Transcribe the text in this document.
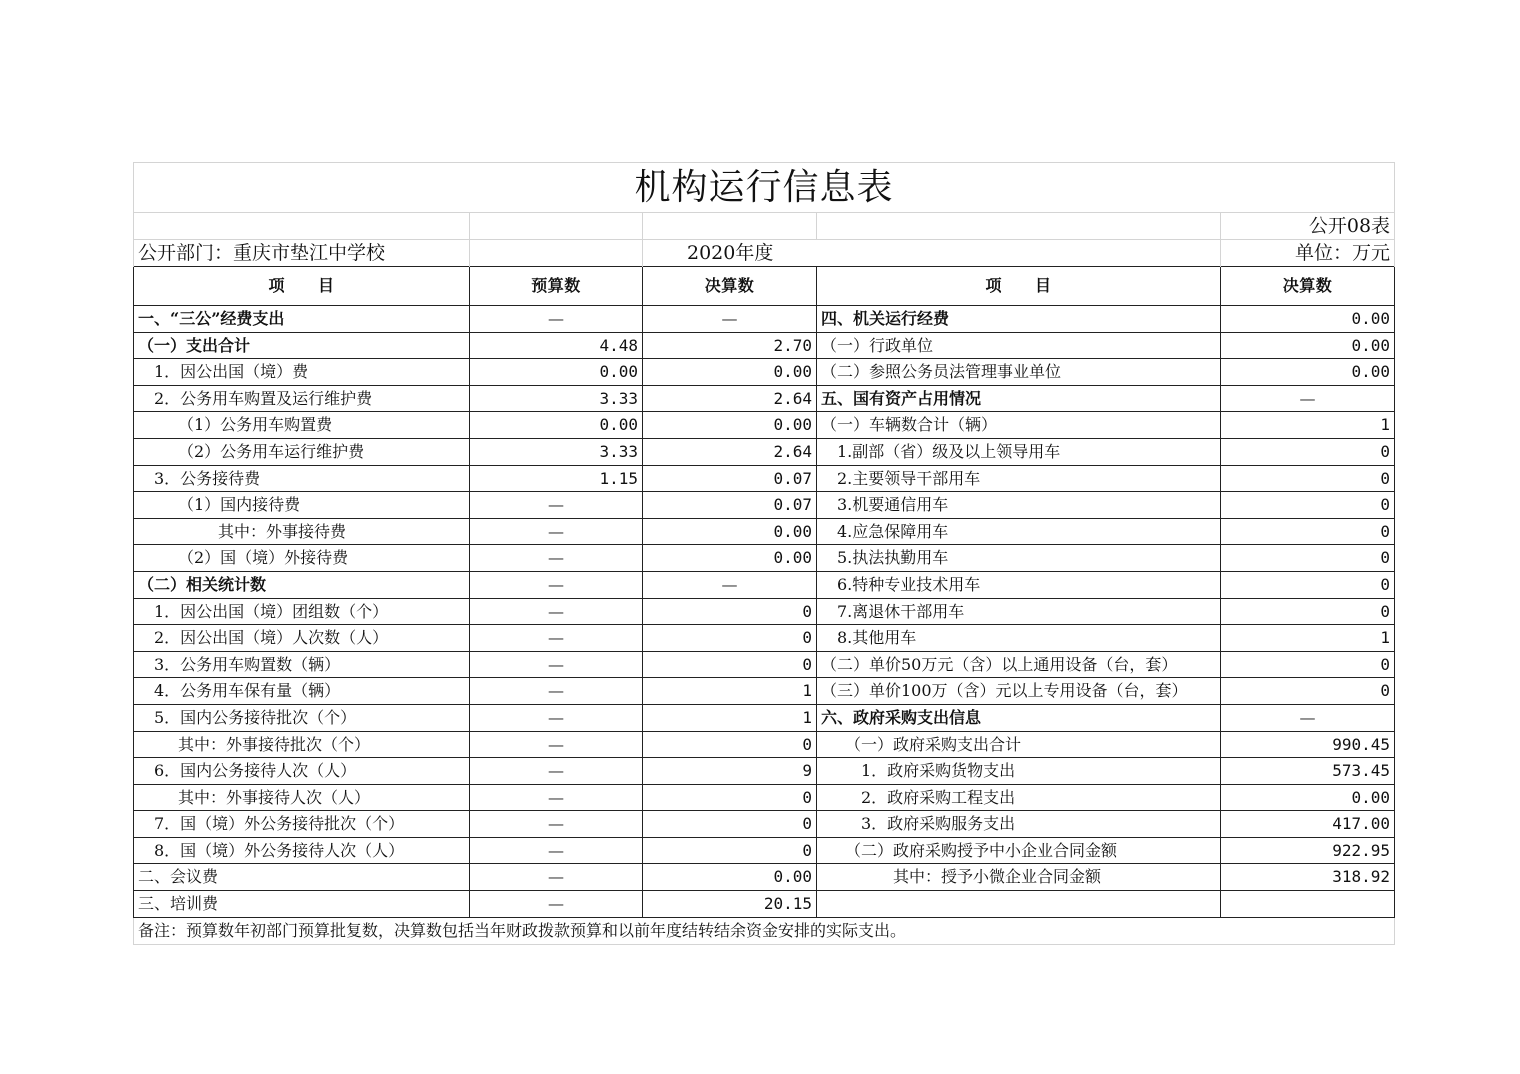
机构运行信息表				
				公开08表
公开部门：重庆市垫江中学校		2020年度		单位：万元
项　　目	预算数	决算数	项　　目	决算数
一、“三公”经费支出	—	—	四、机关运行经费	0.00
（一）支出合计	4.48	2.70	（一）行政单位	0.00
1．因公出国（境）费	0.00	0.00	（二）参照公务员法管理事业单位	0.00
2．公务用车购置及运行维护费	3.33	2.64	五、国有资产占用情况	—
（1）公务用车购置费	0.00	0.00	（一）车辆数合计（辆）	1
（2）公务用车运行维护费	3.33	2.64	1.副部（省）级及以上领导用车	0
3．公务接待费	1.15	0.07	2.主要领导干部用车	0
（1）国内接待费	—	0.07	3.机要通信用车	0
其中：外事接待费	—	0.00	4.应急保障用车	0
（2）国（境）外接待费	—	0.00	5.执法执勤用车	0
（二）相关统计数	—	—	6.特种专业技术用车	0
1．因公出国（境）团组数（个）	—	0	7.离退休干部用车	0
2．因公出国（境）人次数（人）	—	0	8.其他用车	1
3．公务用车购置数（辆）	—	0	（二）单价50万元（含）以上通用设备（台，套）	0
4．公务用车保有量（辆）	—	1	（三）单价100万（含）元以上专用设备（台，套）	0
5．国内公务接待批次（个）	—	1	六、政府采购支出信息	—
其中：外事接待批次（个）	—	0	（一）政府采购支出合计	990.45
6．国内公务接待人次（人）	—	9	1．政府采购货物支出	573.45
其中：外事接待人次（人）	—	0	2．政府采购工程支出	0.00
7．国（境）外公务接待批次（个）	—	0	3．政府采购服务支出	417.00
8．国（境）外公务接待人次（人）	—	0	（二）政府采购授予中小企业合同金额	922.95
二、会议费	—	0.00	其中：授予小微企业合同金额	318.92
三、培训费	—	20.15		
备注：预算数年初部门预算批复数，决算数包括当年财政拨款预算和以前年度结转结余资金安排的实际支出。				
